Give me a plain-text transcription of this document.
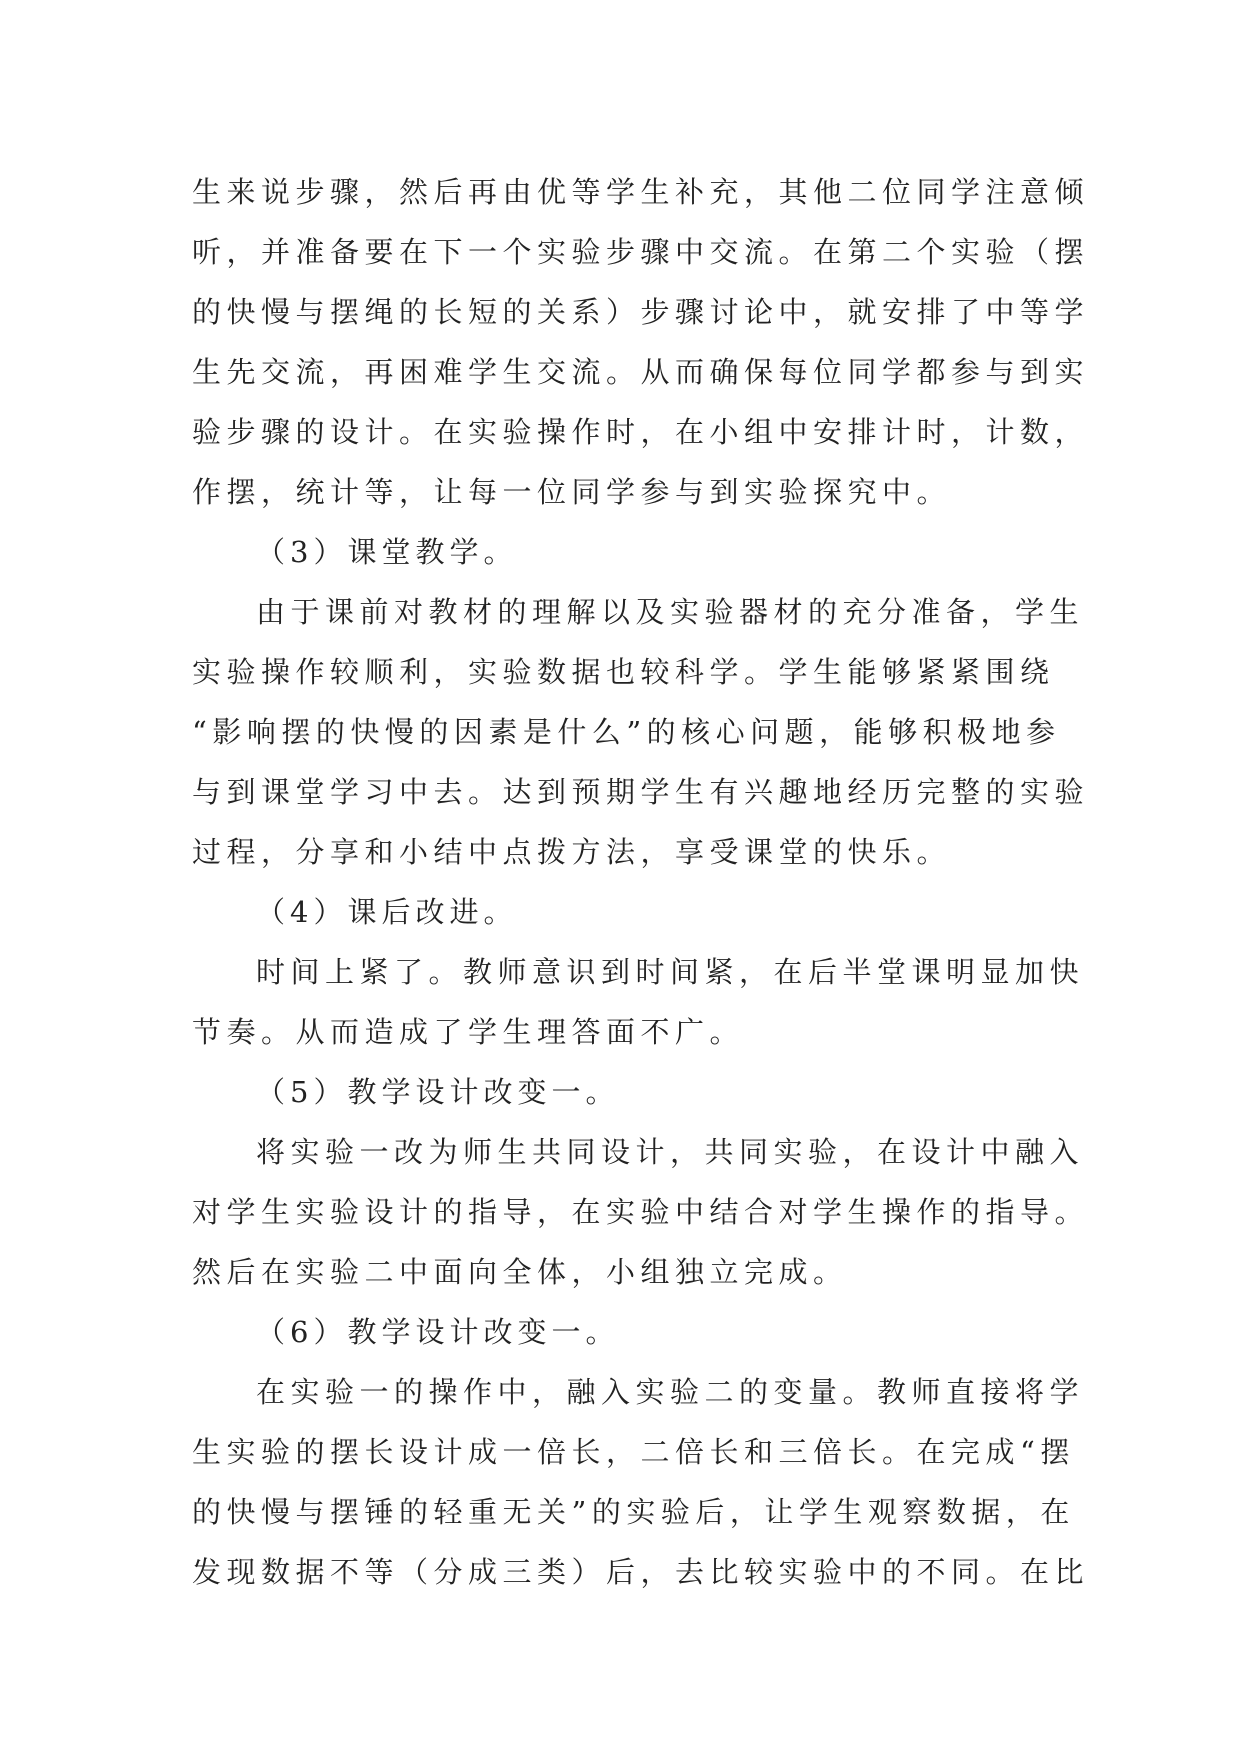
生来说步骤，然后再由优等学生补充，其他二位同学注意倾
听，并准备要在下一个实验步骤中交流。在第二个实验（摆
的快慢与摆绳的长短的关系）步骤讨论中，就安排了中等学
生先交流，再困难学生交流。从而确保每位同学都参与到实
验步骤的设计。在实验操作时，在小组中安排计时，计数，
作摆，统计等，让每一位同学参与到实验探究中。
（3）课堂教学。
由于课前对教材的理解以及实验器材的充分准备，学生
实验操作较顺利，实验数据也较科学。学生能够紧紧围绕
“影响摆的快慢的因素是什么”的核心问题，能够积极地参
与到课堂学习中去。达到预期学生有兴趣地经历完整的实验
过程，分享和小结中点拨方法，享受课堂的快乐。
（4）课后改进。
时间上紧了。教师意识到时间紧，在后半堂课明显加快
节奏。从而造成了学生理答面不广。
（5）教学设计改变一。
将实验一改为师生共同设计，共同实验，在设计中融入
对学生实验设计的指导，在实验中结合对学生操作的指导。
然后在实验二中面向全体，小组独立完成。
（6）教学设计改变一。
在实验一的操作中，融入实验二的变量。教师直接将学
生实验的摆长设计成一倍长，二倍长和三倍长。在完成“摆
的快慢与摆锤的轻重无关”的实验后，让学生观察数据，在
发现数据不等（分成三类）后，去比较实验中的不同。在比
